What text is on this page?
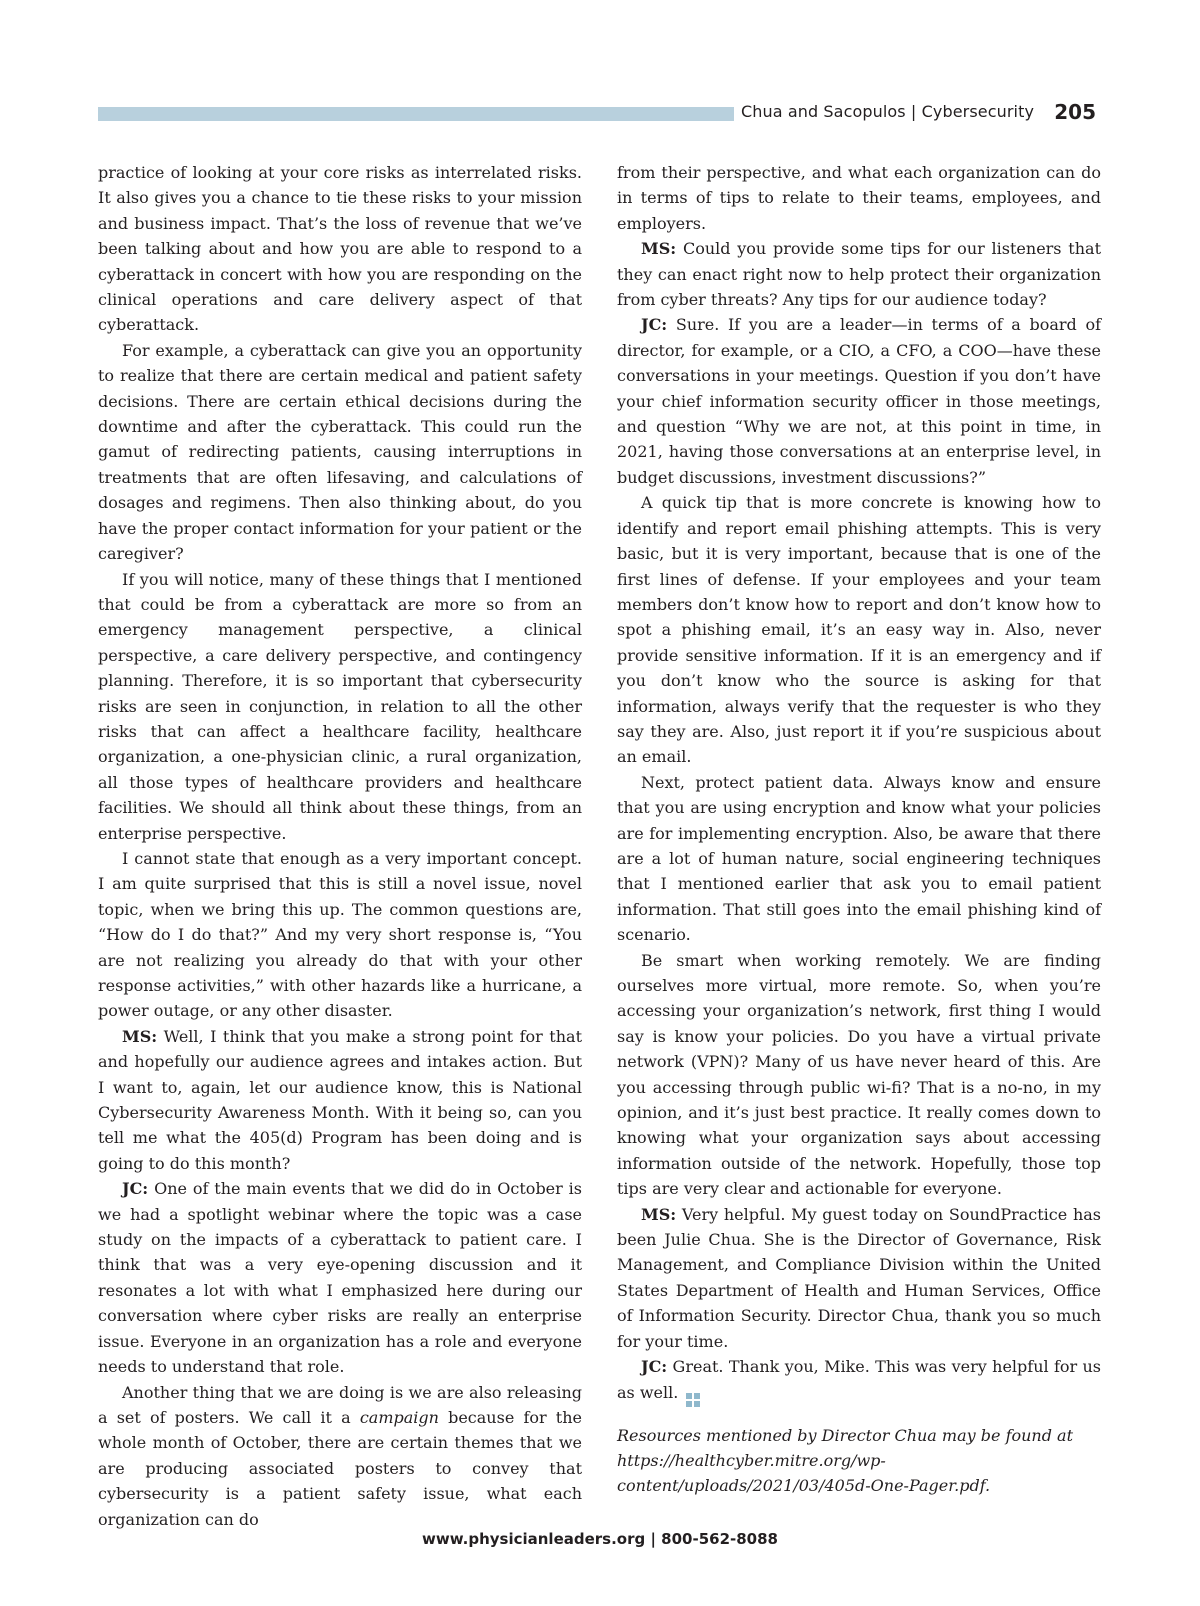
Chua and Sacopulos | Cybersecurity 205

practice of looking at your core risks as interrelated risks. It also gives you a chance to tie these risks to your mission and business impact. That’s the loss of revenue that we’ve been talking about and how you are able to respond to a cyberattack in concert with how you are responding on the clinical operations and care delivery aspect of that cyberattack.

For example, a cyberattack can give you an opportunity to realize that there are certain medical and patient safety decisions. There are certain ethical decisions during the downtime and after the cyberattack. This could run the gamut of redirecting patients, causing interruptions in treatments that are often lifesaving, and calculations of dosages and regimens. Then also thinking about, do you have the proper contact information for your patient or the caregiver?

If you will notice, many of these things that I mentioned that could be from a cyberattack are more so from an emergency management perspective, a clinical perspective, a care delivery perspective, and contingency planning. Therefore, it is so important that cybersecurity risks are seen in conjunction, in relation to all the other risks that can affect a healthcare facility, healthcare organization, a one-physician clinic, a rural organization, all those types of healthcare providers and healthcare facilities. We should all think about these things, from an enterprise perspective.

I cannot state that enough as a very important concept. I am quite surprised that this is still a novel issue, novel topic, when we bring this up. The common questions are, “How do I do that?” And my very short response is, “You are not realizing you already do that with your other response activities,” with other hazards like a hurricane, a power outage, or any other disaster.

MS: Well, I think that you make a strong point for that and hopefully our audience agrees and intakes action. But I want to, again, let our audience know, this is National Cybersecurity Awareness Month. With it being so, can you tell me what the 405(d) Program has been doing and is going to do this month?

JC: One of the main events that we did do in October is we had a spotlight webinar where the topic was a case study on the impacts of a cyberattack to patient care. I think that was a very eye-opening discussion and it resonates a lot with what I emphasized here during our conversation where cyber risks are really an enterprise issue. Everyone in an organization has a role and everyone needs to understand that role.

Another thing that we are doing is we are also releasing a set of posters. We call it a campaign because for the whole month of October, there are certain themes that we are producing associated posters to convey that cybersecurity is a patient safety issue, what each organization can do

from their perspective, and what each organization can do in terms of tips to relate to their teams, employees, and employers.

MS: Could you provide some tips for our listeners that they can enact right now to help protect their organization from cyber threats? Any tips for our audience today?

JC: Sure. If you are a leader—in terms of a board of director, for example, or a CIO, a CFO, a COO—have these conversations in your meetings. Question if you don’t have your chief information security officer in those meetings, and question “Why we are not, at this point in time, in 2021, having those conversations at an enterprise level, in budget discussions, investment discussions?”

A quick tip that is more concrete is knowing how to identify and report email phishing attempts. This is very basic, but it is very important, because that is one of the first lines of defense. If your employees and your team members don’t know how to report and don’t know how to spot a phishing email, it’s an easy way in. Also, never provide sensitive information. If it is an emergency and if you don’t know who the source is asking for that information, always verify that the requester is who they say they are. Also, just report it if you’re suspicious about an email.

Next, protect patient data. Always know and ensure that you are using encryption and know what your policies are for implementing encryption. Also, be aware that there are a lot of human nature, social engineering techniques that I mentioned earlier that ask you to email patient information. That still goes into the email phishing kind of scenario.

Be smart when working remotely. We are finding ourselves more virtual, more remote. So, when you’re accessing your organization’s network, first thing I would say is know your policies. Do you have a virtual private network (VPN)? Many of us have never heard of this. Are you accessing through public wi-fi? That is a no-no, in my opinion, and it’s just best practice. It really comes down to knowing what your organization says about accessing information outside of the network. Hopefully, those top tips are very clear and actionable for everyone.

MS: Very helpful. My guest today on SoundPractice has been Julie Chua. She is the Director of Governance, Risk Management, and Compliance Division within the United States Department of Health and Human Services, Office of Information Security. Director Chua, thank you so much for your time.

JC: Great. Thank you, Mike. This was very helpful for us as well.

Resources mentioned by Director Chua may be found at https://healthcyber.mitre.org/wp-content/uploads/2021/03/405d-One-Pager.pdf.

www.physicianleaders.org | 800-562-8088
